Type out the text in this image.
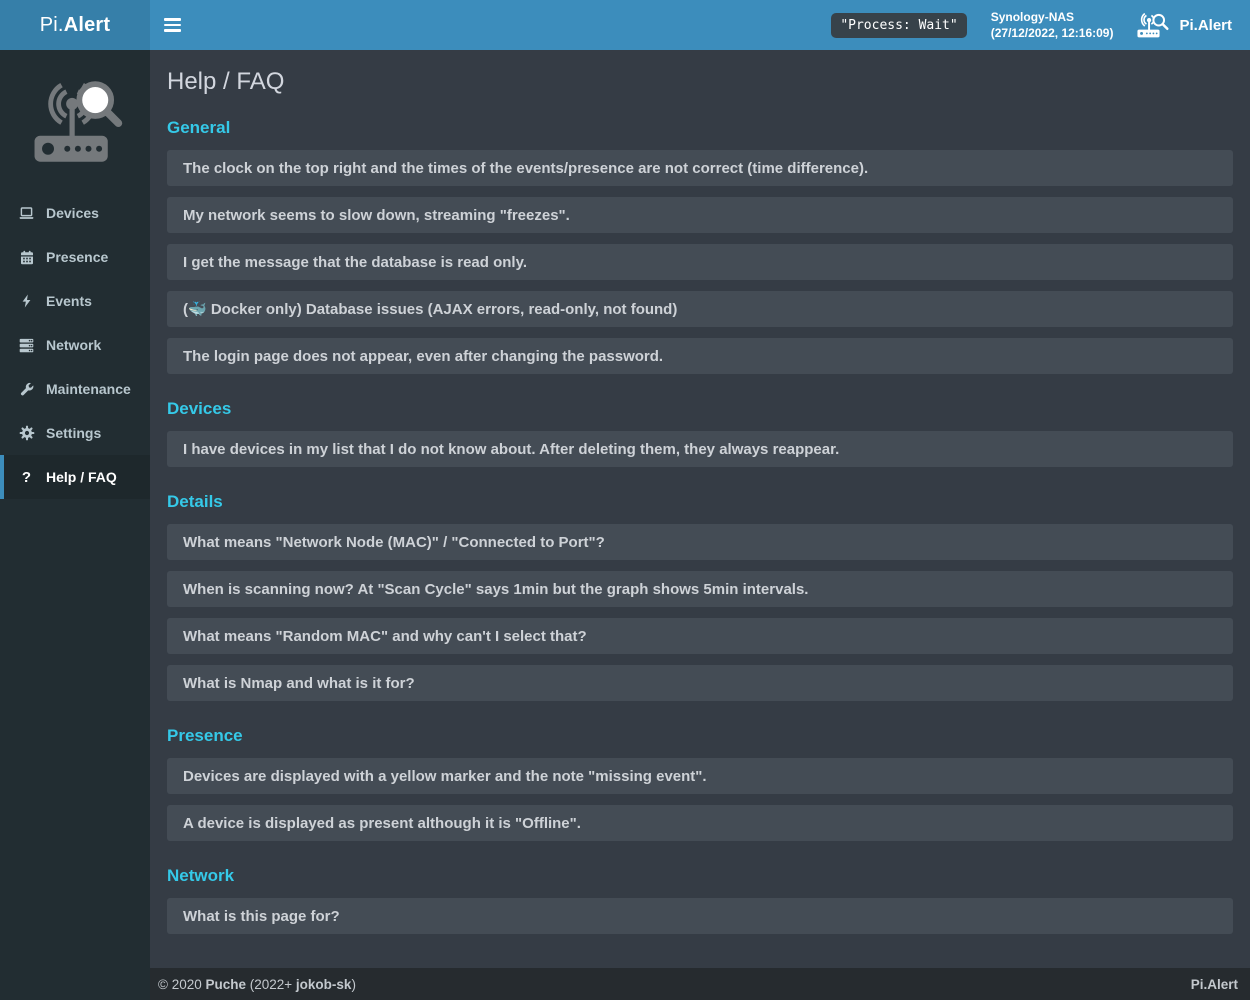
Pi. Alert	"Process: Wait"
Synology-NAS
(27/12/2022, 12:16:09)	Pi.Alert
Devices
Presence
Events
Network
Maintenance
Settings
? Help / FAQ
Help / FAQ
General
The clock on the top right and the times of the events/presence are not correct (time difference).
My network seems to slow down, streaming "freezes".
I get the message that the database is read only.
(🐳 Docker only) Database issues (AJAX errors, read-only, not found)
The login page does not appear, even after changing the password.
Devices
I have devices in my list that I do not know about. After deleting them, they always reappear.
Details
What means "Network Node (MAC)" / "Connected to Port"?
When is scanning now? At "Scan Cycle" says 1min but the graph shows 5min intervals.
What means "Random MAC" and why can't I select that?
What is Nmap and what is it for?
Presence
Devices are displayed with a yellow marker and the note "missing event".
A device is displayed as present although it is "Offline".
Network
What is this page for?
© 2020 Puche (2022+ jokob-sk )	Pi.Alert
